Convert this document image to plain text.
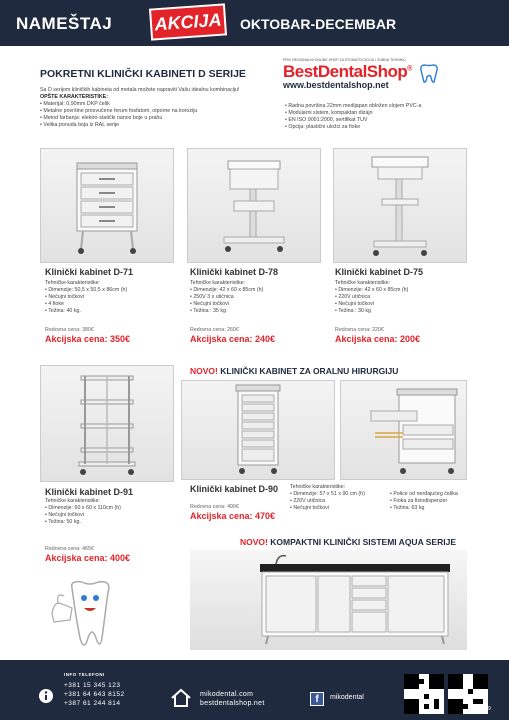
NAMEŠTAJ AKCIJA	OKTOBAR-DECEMBAR
POKRETNI KLINIČKI KABINETI D SERIJE
PRVI REGIONALNI ONLINE SHOP ZA STOMATOLOGIJU I ZUBNU TEHNIKU
BestDentalShop®
www.bestdentalshop.net
Sa D serijom kliničkih kabineta od metala možete napraviti Vašu idealnu kombinaciju!
OPŠTE KARAKTERISTIKE:
• Materijal: 0,90mm DKP čelik
• Metalne površine presvučene ferum fosfatom, otporne na koroziju
• Metod farbanja: elektro-statički nanos boje u prahu
• Velika ponuda boja iz RAL serije
• Radna površina 22mm medijapan obložen slojem PVC-a
• Modularni sistem, kompaktan dizajn
• EN ISO 9001:2000, sertifikat TUV
• Opcija: plastični uložci za fioke
Klinički kabinet D-71
Tehničke karakteristike:
• Dimenzije: 50,5 x 50,5 x 86cm (h)
• Nečujni točkovi
• 4 fioke
• Težina: 40 kg.
Redovna cena: 380€
Akcijska cena: 350€
Klinički kabinet D-78
Tehničke karakteristike:
• Dimenzije: 42 x 60 x 85cm (h)
• 250V 3 x utičnica
• Nečujni točkovi
• Težina : 35 kg
Redovna cena: 260€
Akcijska cena: 240€
Klinički kabinet D-75
Tehničke karakteristike:
• Dimenzije: 42 x 60 x 85cm (h)
• 220V utičnica
• Nečujni točkovi
• Težina : 30 kg
Redovna cena: 220€
Akcijska cena: 200€
Klinički kabinet D-91
Tehničke karakteristike:
• Dimenzije: 60 x 60 x 110cm (h)
• Nečujni točkovi
• Težina: 50 kg.
Redovna cena: 465€
Akcijska cena: 400€
NOVO! KLINIČKI KABINET ZA ORALNU HIRURGIJU
Klinički kabinet D-90
Redovna cena: 490€
Akcijska cena: 470€
Tehničke karakteristike:
• Dimenzije: 57 x 51 x 90 cm (h)
• 220V utičnica
• Nečujni točkovi
• Police od nerđajućeg čelika
• Fioka za fiziodispenzer
• Težina: 63 kg
NOVO! KOMPAKTNI KLINIČKI SISTEMI AQUA SERIJE
INFO TELEFONI
+381 15 345 123
+381 64 643 8152
+387 61 244 814
mikodental.com
bestdentalshop.net	f	mikodental
9
